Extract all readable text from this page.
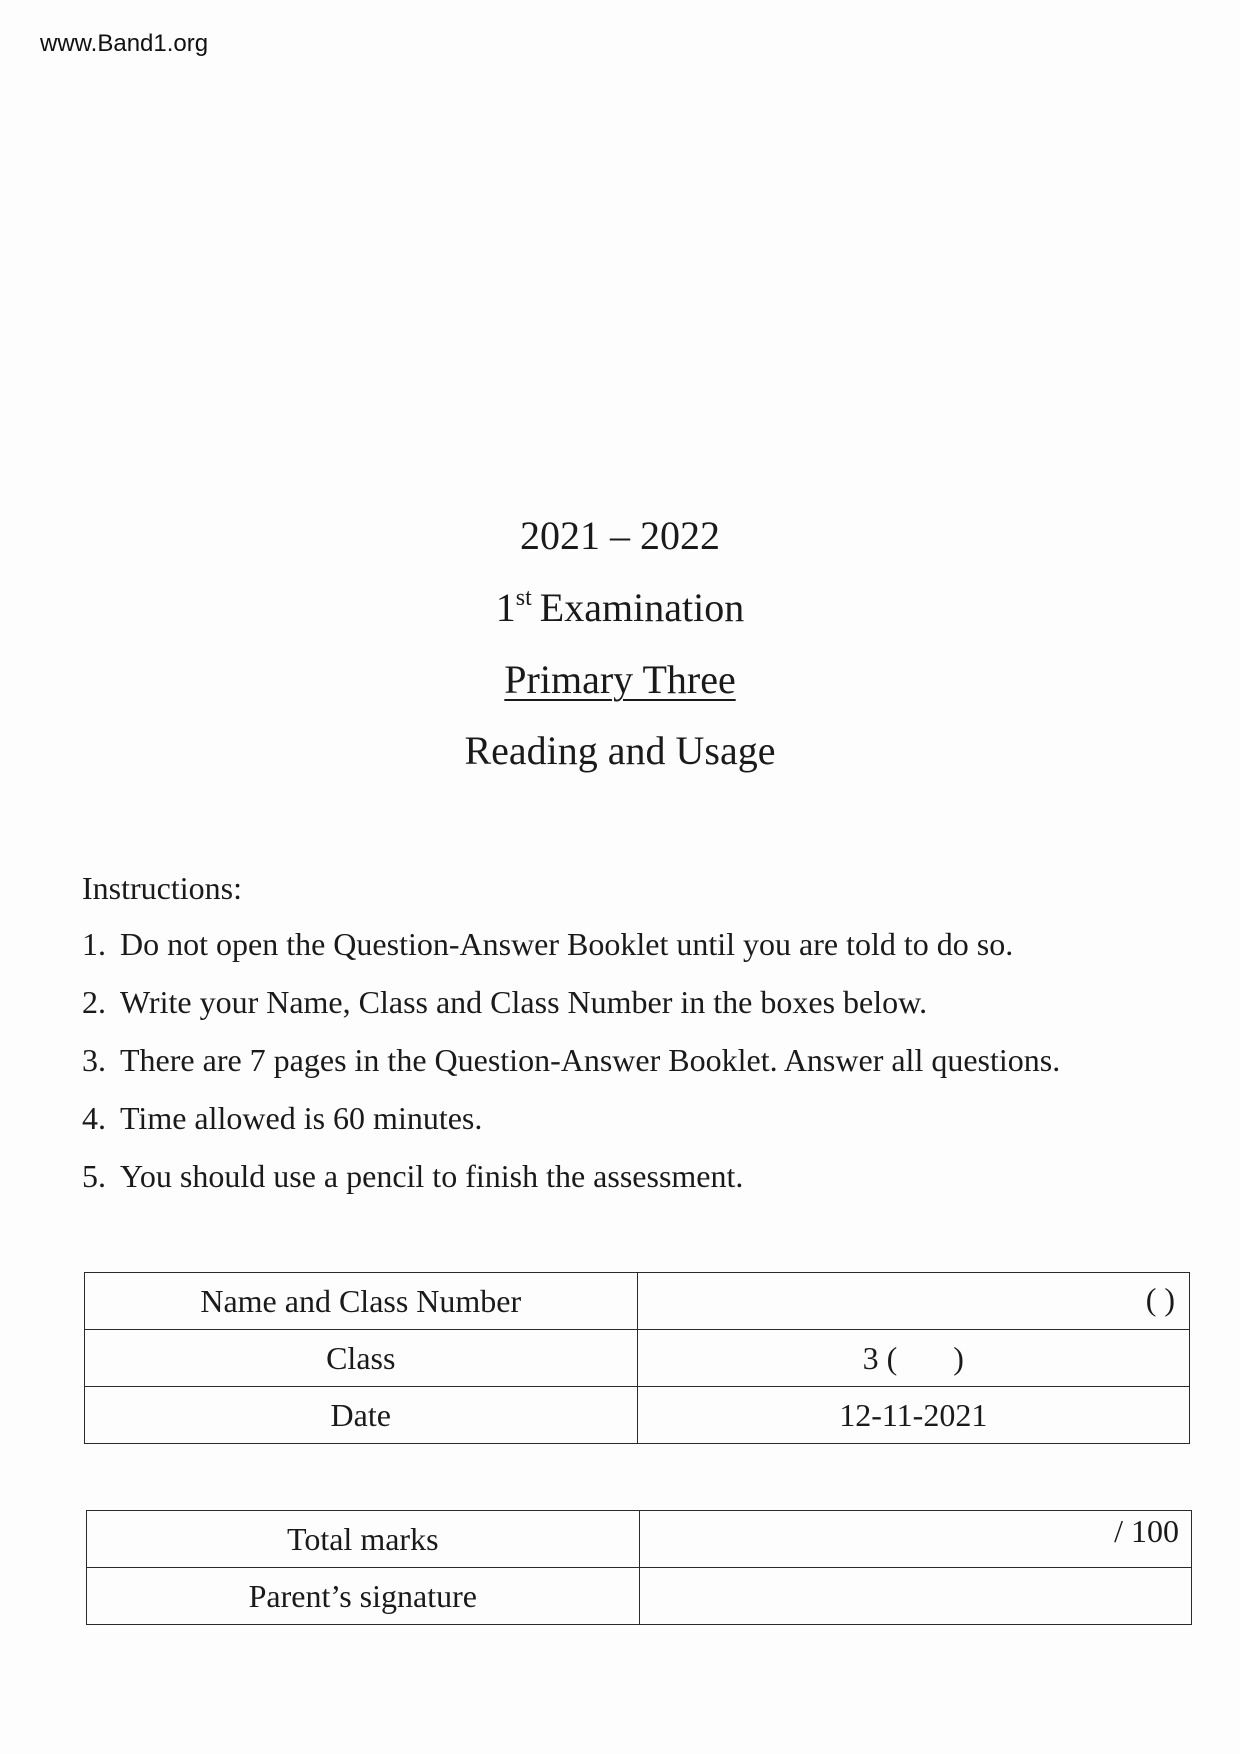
www.Band1.org
2021 – 2022
1st Examination
Primary Three
Reading and Usage
Instructions:
1. Do not open the Question-Answer Booklet until you are told to do so.
2. Write your Name, Class and Class Number in the boxes below.
3. There are 7 pages in the Question-Answer Booklet. Answer all questions.
4. Time allowed is 60 minutes.
5. You should use a pencil to finish the assessment.
Name and Class Number	( )

Class	3 (       )
Date	12-11-2021
Total marks	/ 100

Parent’s signature	
